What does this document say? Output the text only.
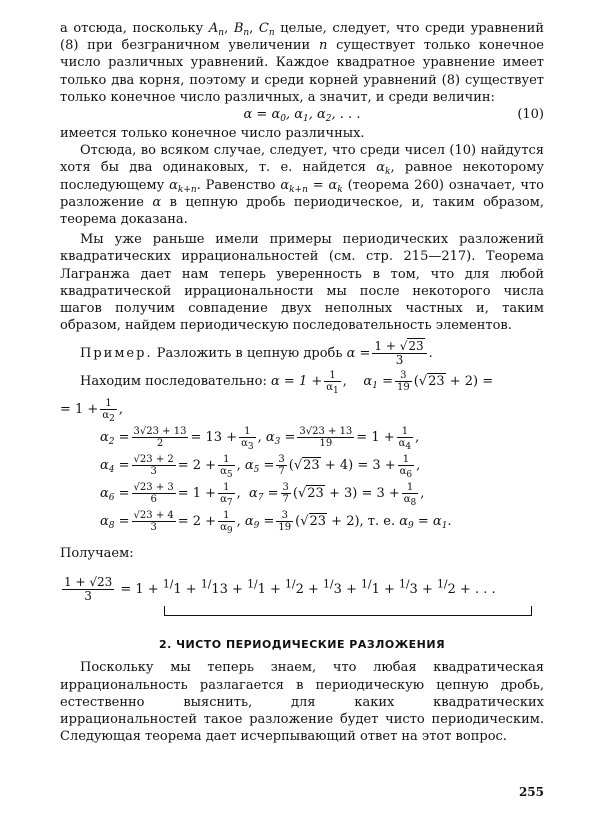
а отсюда, поскольку $A_n$, $B_n$, $C_n$ целые, следует, что среди уравнений (8) при безграничном увеличении n существует только конечное число различных уравнений. Каждое квадратное уравнение имеет только два корня, поэтому и среди корней уравнений (8) существует только конечное число различных, а значит, и среди величин:

$\alpha = \alpha_0$, $\alpha_1$, $\alpha_2$, . . .	(10)

имеется только конечное число различных.

Отсюда, во всяком случае, следует, что среди чисел (10) найдутся хотя бы два одинаковых, т. е. найдется $\alpha_k$, равное некоторому последующему $\alpha_{k+n}$. Равенство $\alpha_{k+n} = \alpha_k$ (теорема 260) означает, что разложение α в цепную дробь периодическое, и, таким образом, теорема доказана.

Мы уже раньше имели примеры периодических разложений квадратических иррациональностей (см. стр. 215—217). Теорема Лагранжа дает нам теперь уверенность в том, что для любой квадратической иррациональности мы после некоторого числа шагов получим совпадение двух неполных частных и, таким образом, найдем периодическую последовательность элементов.

Пример. Разложить в цепную дробь $\alpha = \frac{1 + √23}{3}$ .
Находим последовательно: $\alpha = 1 + \frac{1}{\alpha_1}$ ,    $\alpha_1 = \frac{3}{19} (√23 + 2)$ =
= $1 + \frac{1}{\alpha_2}$ ,
$\alpha_2 = \frac{3√23 + 13}{2} = 13 + \frac{1}{\alpha_3}$ , $\alpha_3 = \frac{3√23 + 13}{19} = 1 + \frac{1}{\alpha_4}$ ,
$\alpha_4 = \frac{√23 + 2}{3} = 2 + \frac{1}{\alpha_5}$ , $\alpha_5 = \frac{3}{7} (√23 + 4) = 3 + \frac{1}{\alpha_6}$ ,
$\alpha_6 = \frac{√23 + 3}{6} = 1 + \frac{1}{\alpha_7}$ ,  $\alpha_7 = \frac{3}{7} (√23 + 3) = 3 + \frac{1}{\alpha_8}$ ,
$\alpha_8 = \frac{√23 + 4}{3} = 2 + \frac{1}{\alpha_9}$ , $\alpha_9 = \frac{3}{19} (√23 + 2)$, т. е. $\alpha_9 = \alpha_1$.
Получаем:
$\frac{1 + √23}{3} = 1 + ^{1/}1 + ^{1/}13 + ^{1/}1 + ^{1/}2 + ^{1/}3 + ^{1/}1 + ^{1/}3 + ^{1/}2$ + . . .
2. ЧИСТО ПЕРИОДИЧЕСКИЕ РАЗЛОЖЕНИЯ

Поскольку мы теперь знаем, что любая квадратическая иррациональность разлагается в периодическую цепную дробь, естественно выяснить, для каких квадратических иррациональностей такое разложение будет чисто периодическим. Следующая теорема дает исчерпывающий ответ на этот вопрос.

255
